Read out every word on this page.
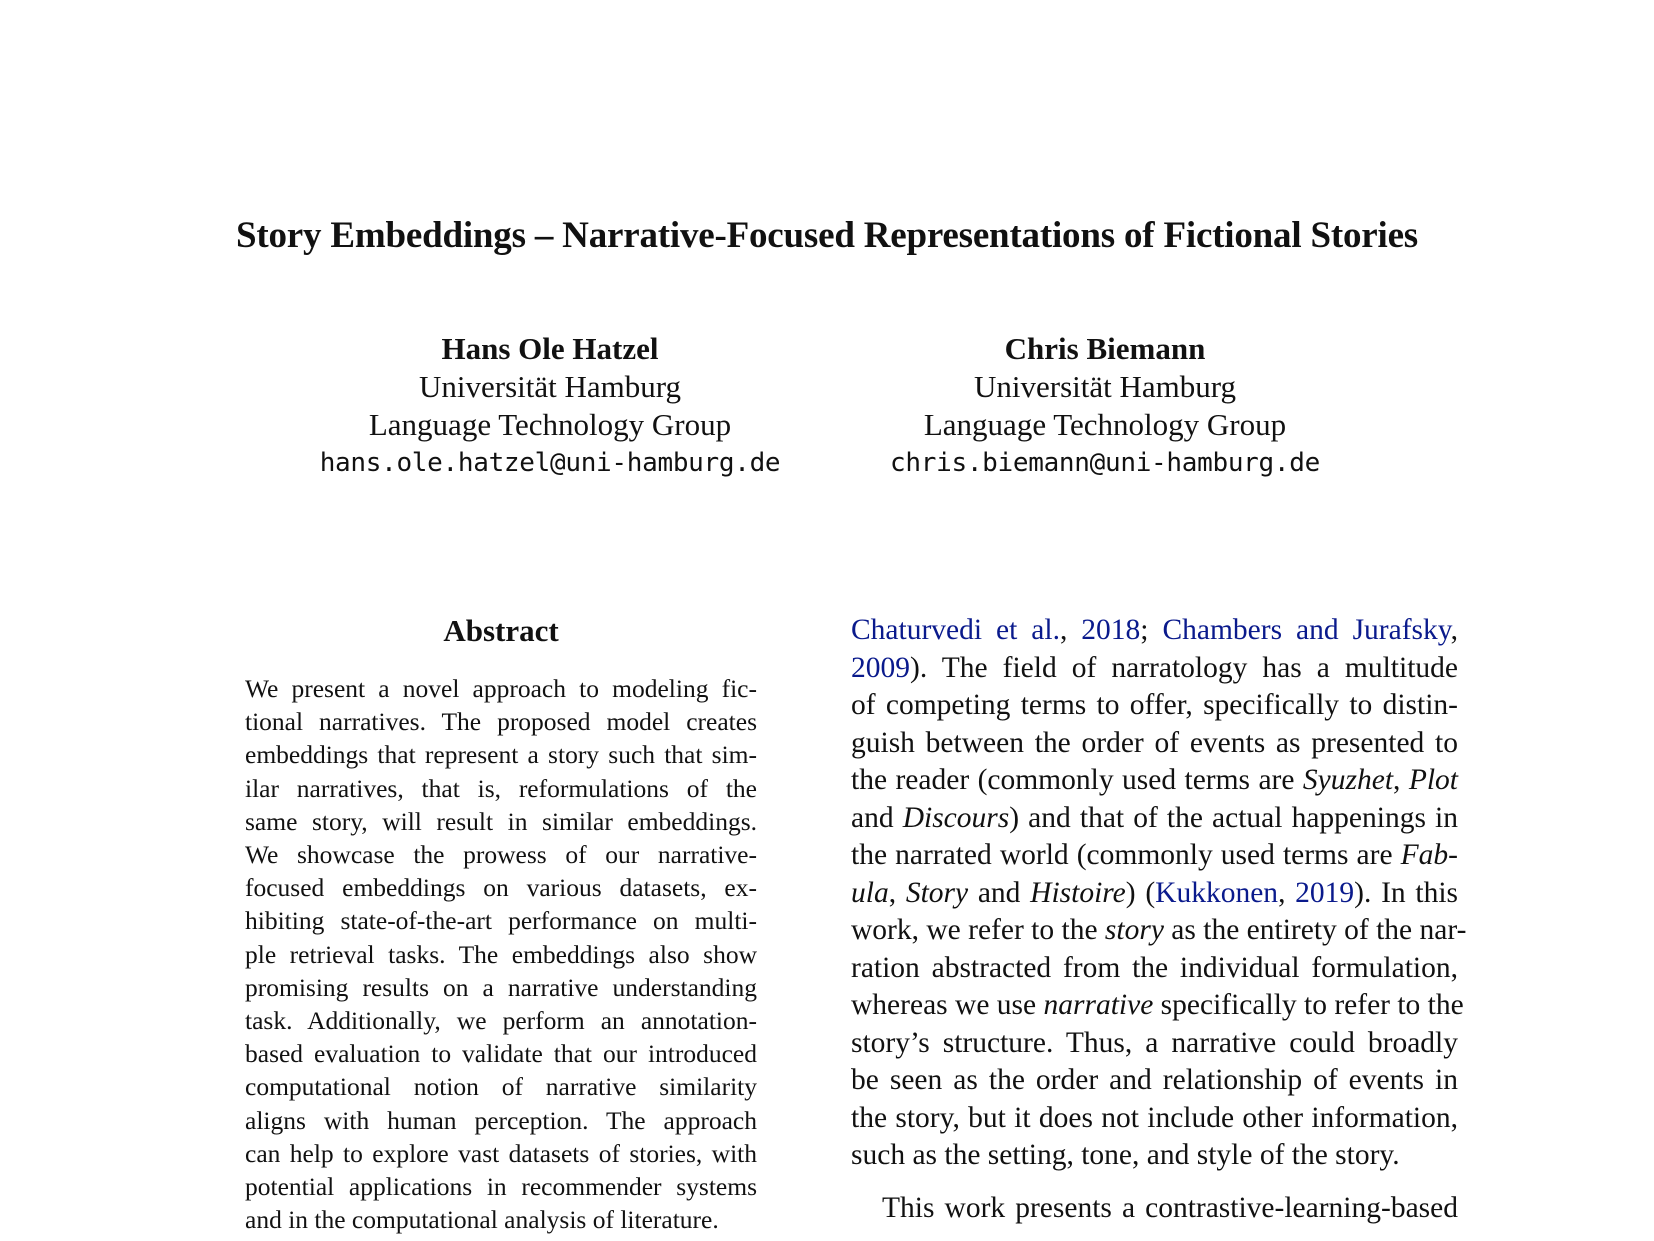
Story Embeddings – Narrative-Focused Representations of Fictional Stories
Hans Ole Hatzel
Universität Hamburg
Language Technology Group
hans.ole.hatzel@uni-hamburg.de
Chris Biemann
Universität Hamburg
Language Technology Group
chris.biemann@uni-hamburg.de
Abstract

We present a novel approach to modeling fic-
tional narratives. The proposed model creates
embeddings that represent a story such that sim-
ilar narratives, that is, reformulations of the
same story, will result in similar embeddings.
We showcase the prowess of our narrative-
focused embeddings on various datasets, ex-
hibiting state-of-the-art performance on multi-
ple retrieval tasks. The embeddings also show
promising results on a narrative understanding
task. Additionally, we perform an annotation-
based evaluation to validate that our introduced
computational notion of narrative similarity
aligns with human perception. The approach
can help to explore vast datasets of stories, with
potential applications in recommender systems
and in the computational analysis of literature.

Chaturvedi et al., 2018; Chambers and Jurafsky,
2009). The field of narratology has a multitude
of competing terms to offer, specifically to distin-
guish between the order of events as presented to
the reader (commonly used terms are Syuzhet, Plot
and Discours) and that of the actual happenings in
the narrated world (commonly used terms are Fab-
ula, Story and Histoire) (Kukkonen, 2019). In this
work, we refer to the story as the entirety of the nar-
ration abstracted from the individual formulation,
whereas we use narrative specifically to refer to the
story’s structure. Thus, a narrative could broadly
be seen as the order and relationship of events in
the story, but it does not include other information,
such as the setting, tone, and style of the story.

This work presents a contrastive-learning-based
